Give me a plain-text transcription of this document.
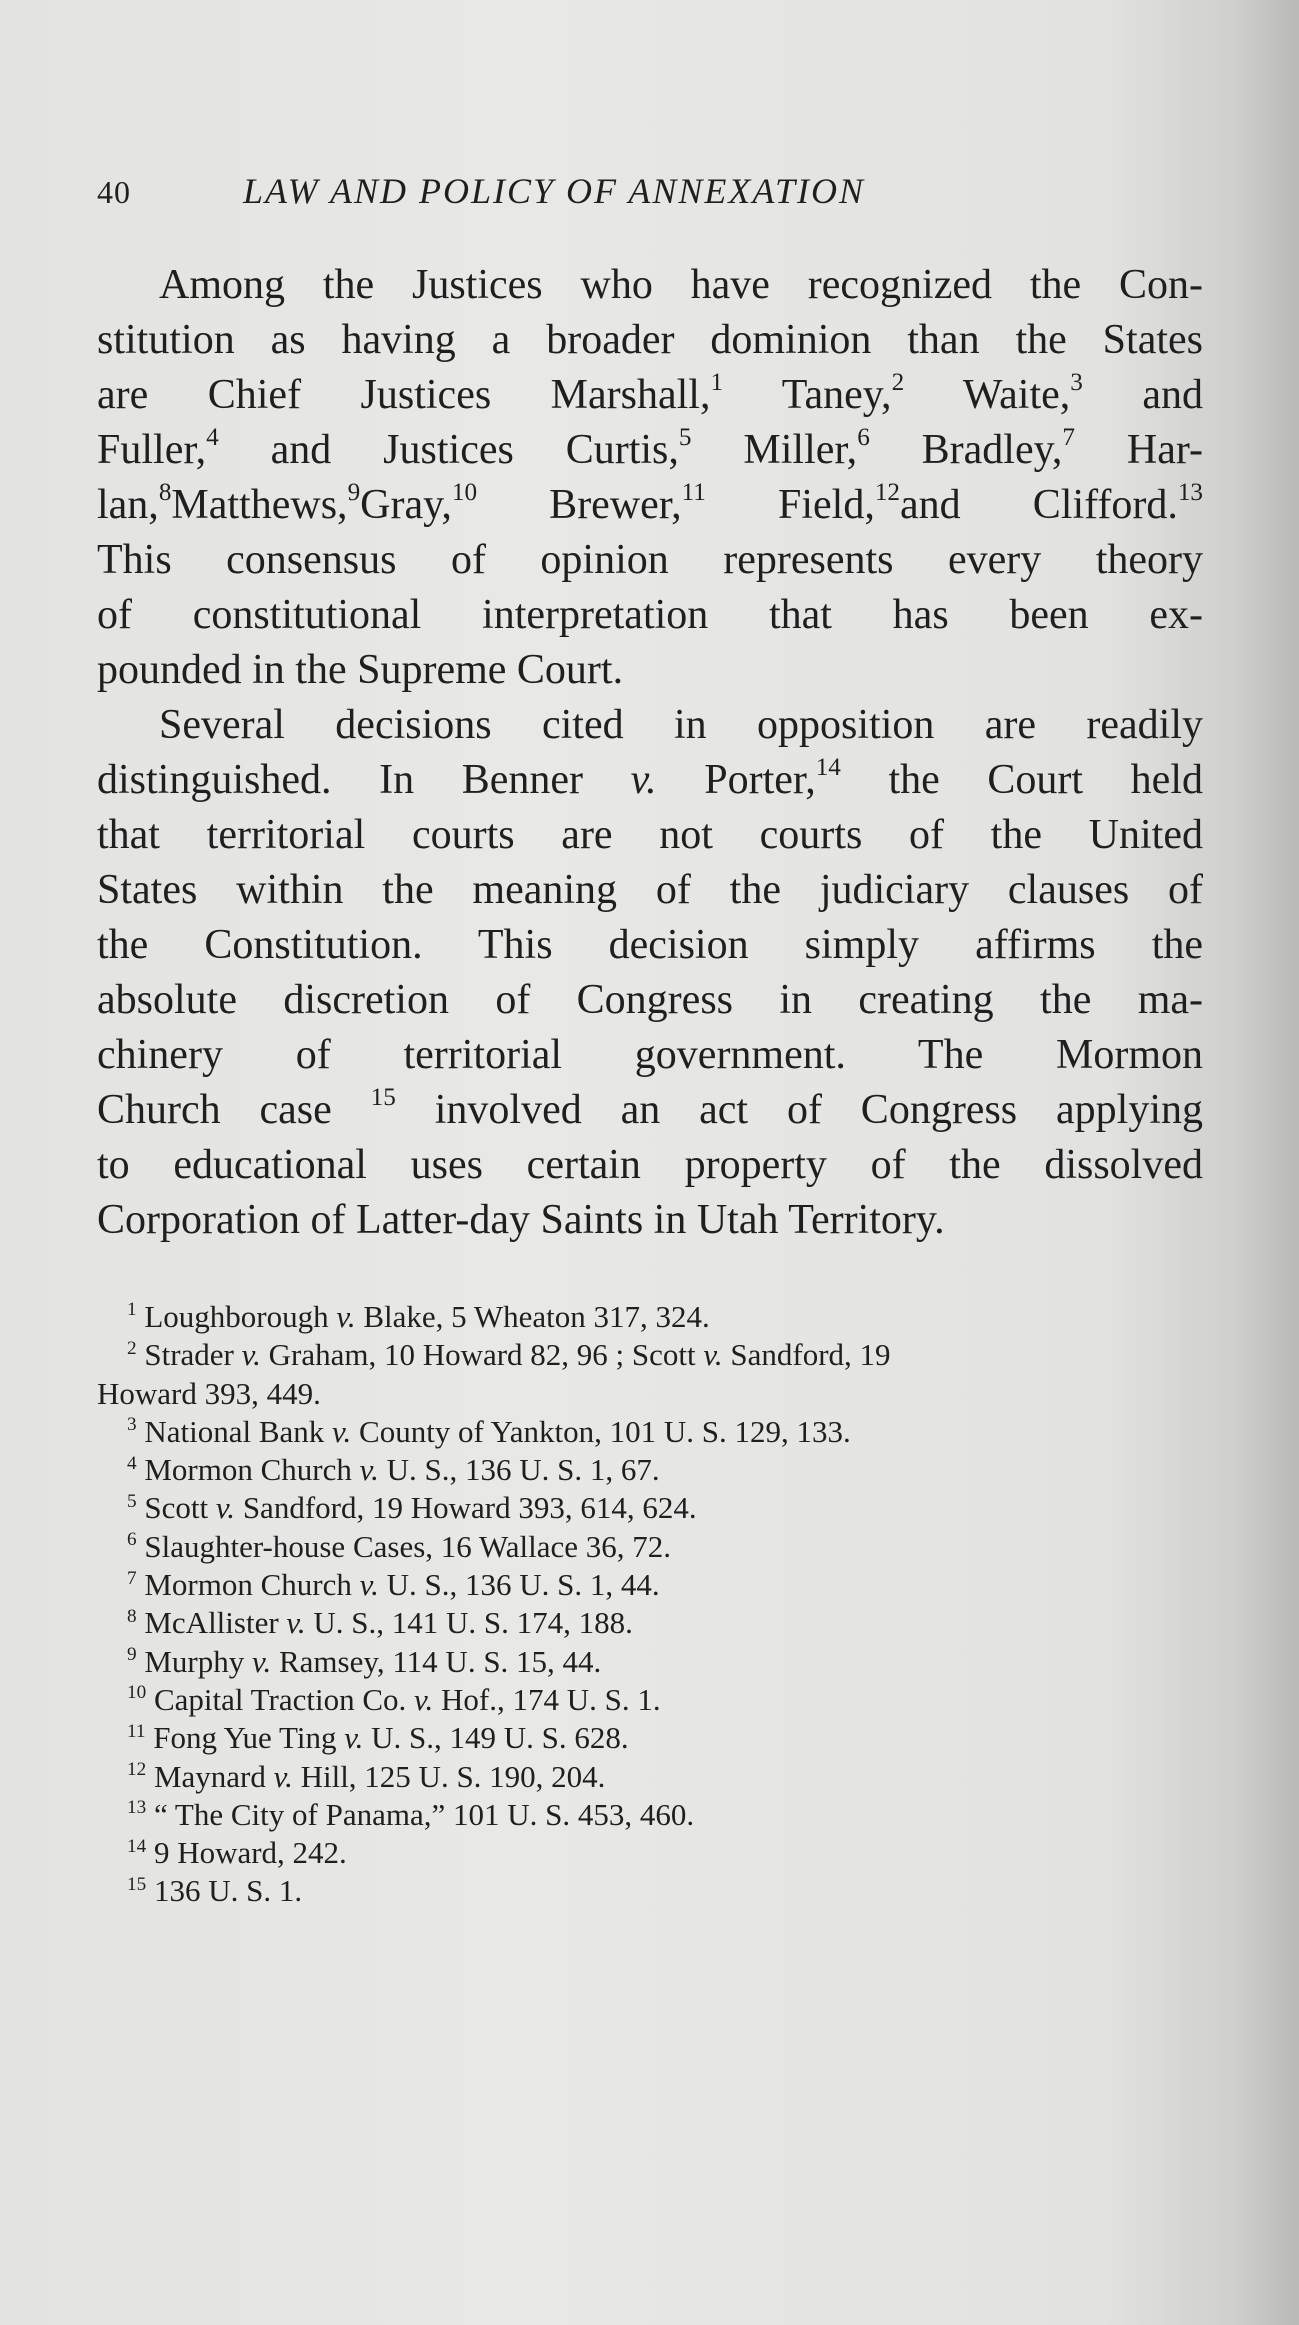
40	LAW AND POLICY OF ANNEXATION
Among the Justices who have recognized the Con-
stitution as having a broader dominion than the States
are Chief Justices Marshall,$^1$ Taney,$^2$ Waite,$^3$ and
Fuller,$^4$ and Justices Curtis,$^5$ Miller,$^6$ Bradley,$^7$ Har-
lan,$^8$Matthews,$^9$Gray,$^{10}$ Brewer,$^{11}$ Field,$^{12}$and Clifford.$^{13}$
This consensus of opinion represents every theory
of constitutional interpretation that has been ex-
pounded in the Supreme Court.
Several decisions cited in opposition are readily
distinguished. In Benner v. Porter,$^{14}$ the Court held
that territorial courts are not courts of the United
States within the meaning of the judiciary clauses of
the Constitution. This decision simply affirms the
absolute discretion of Congress in creating the ma-
chinery of territorial government. The Mormon
Church case $^{15}$ involved an act of Congress applying
to educational uses certain property of the dissolved
Corporation of Latter-day Saints in Utah Territory.
$^1$ Loughborough v. Blake, 5 Wheaton 317, 324.
$^2$ Strader v. Graham, 10 Howard 82, 96 ; Scott v. Sandford, 19
Howard 393, 449.
$^3$ National Bank v. County of Yankton, 101 U. S. 129, 133.
$^4$ Mormon Church v. U. S., 136 U. S. 1, 67.
$^5$ Scott v. Sandford, 19 Howard 393, 614, 624.
$^6$ Slaughter-house Cases, 16 Wallace 36, 72.
$^7$ Mormon Church v. U. S., 136 U. S. 1, 44.
$^8$ McAllister v. U. S., 141 U. S. 174, 188.
$^9$ Murphy v. Ramsey, 114 U. S. 15, 44.
$^{10}$ Capital Traction Co. v. Hof., 174 U. S. 1.
$^{11}$ Fong Yue Ting v. U. S., 149 U. S. 628.
$^{12}$ Maynard v. Hill, 125 U. S. 190, 204.
$^{13}$ “ The City of Panama,” 101 U. S. 453, 460.
$^{14}$ 9 Howard, 242.
$^{15}$ 136 U. S. 1.
